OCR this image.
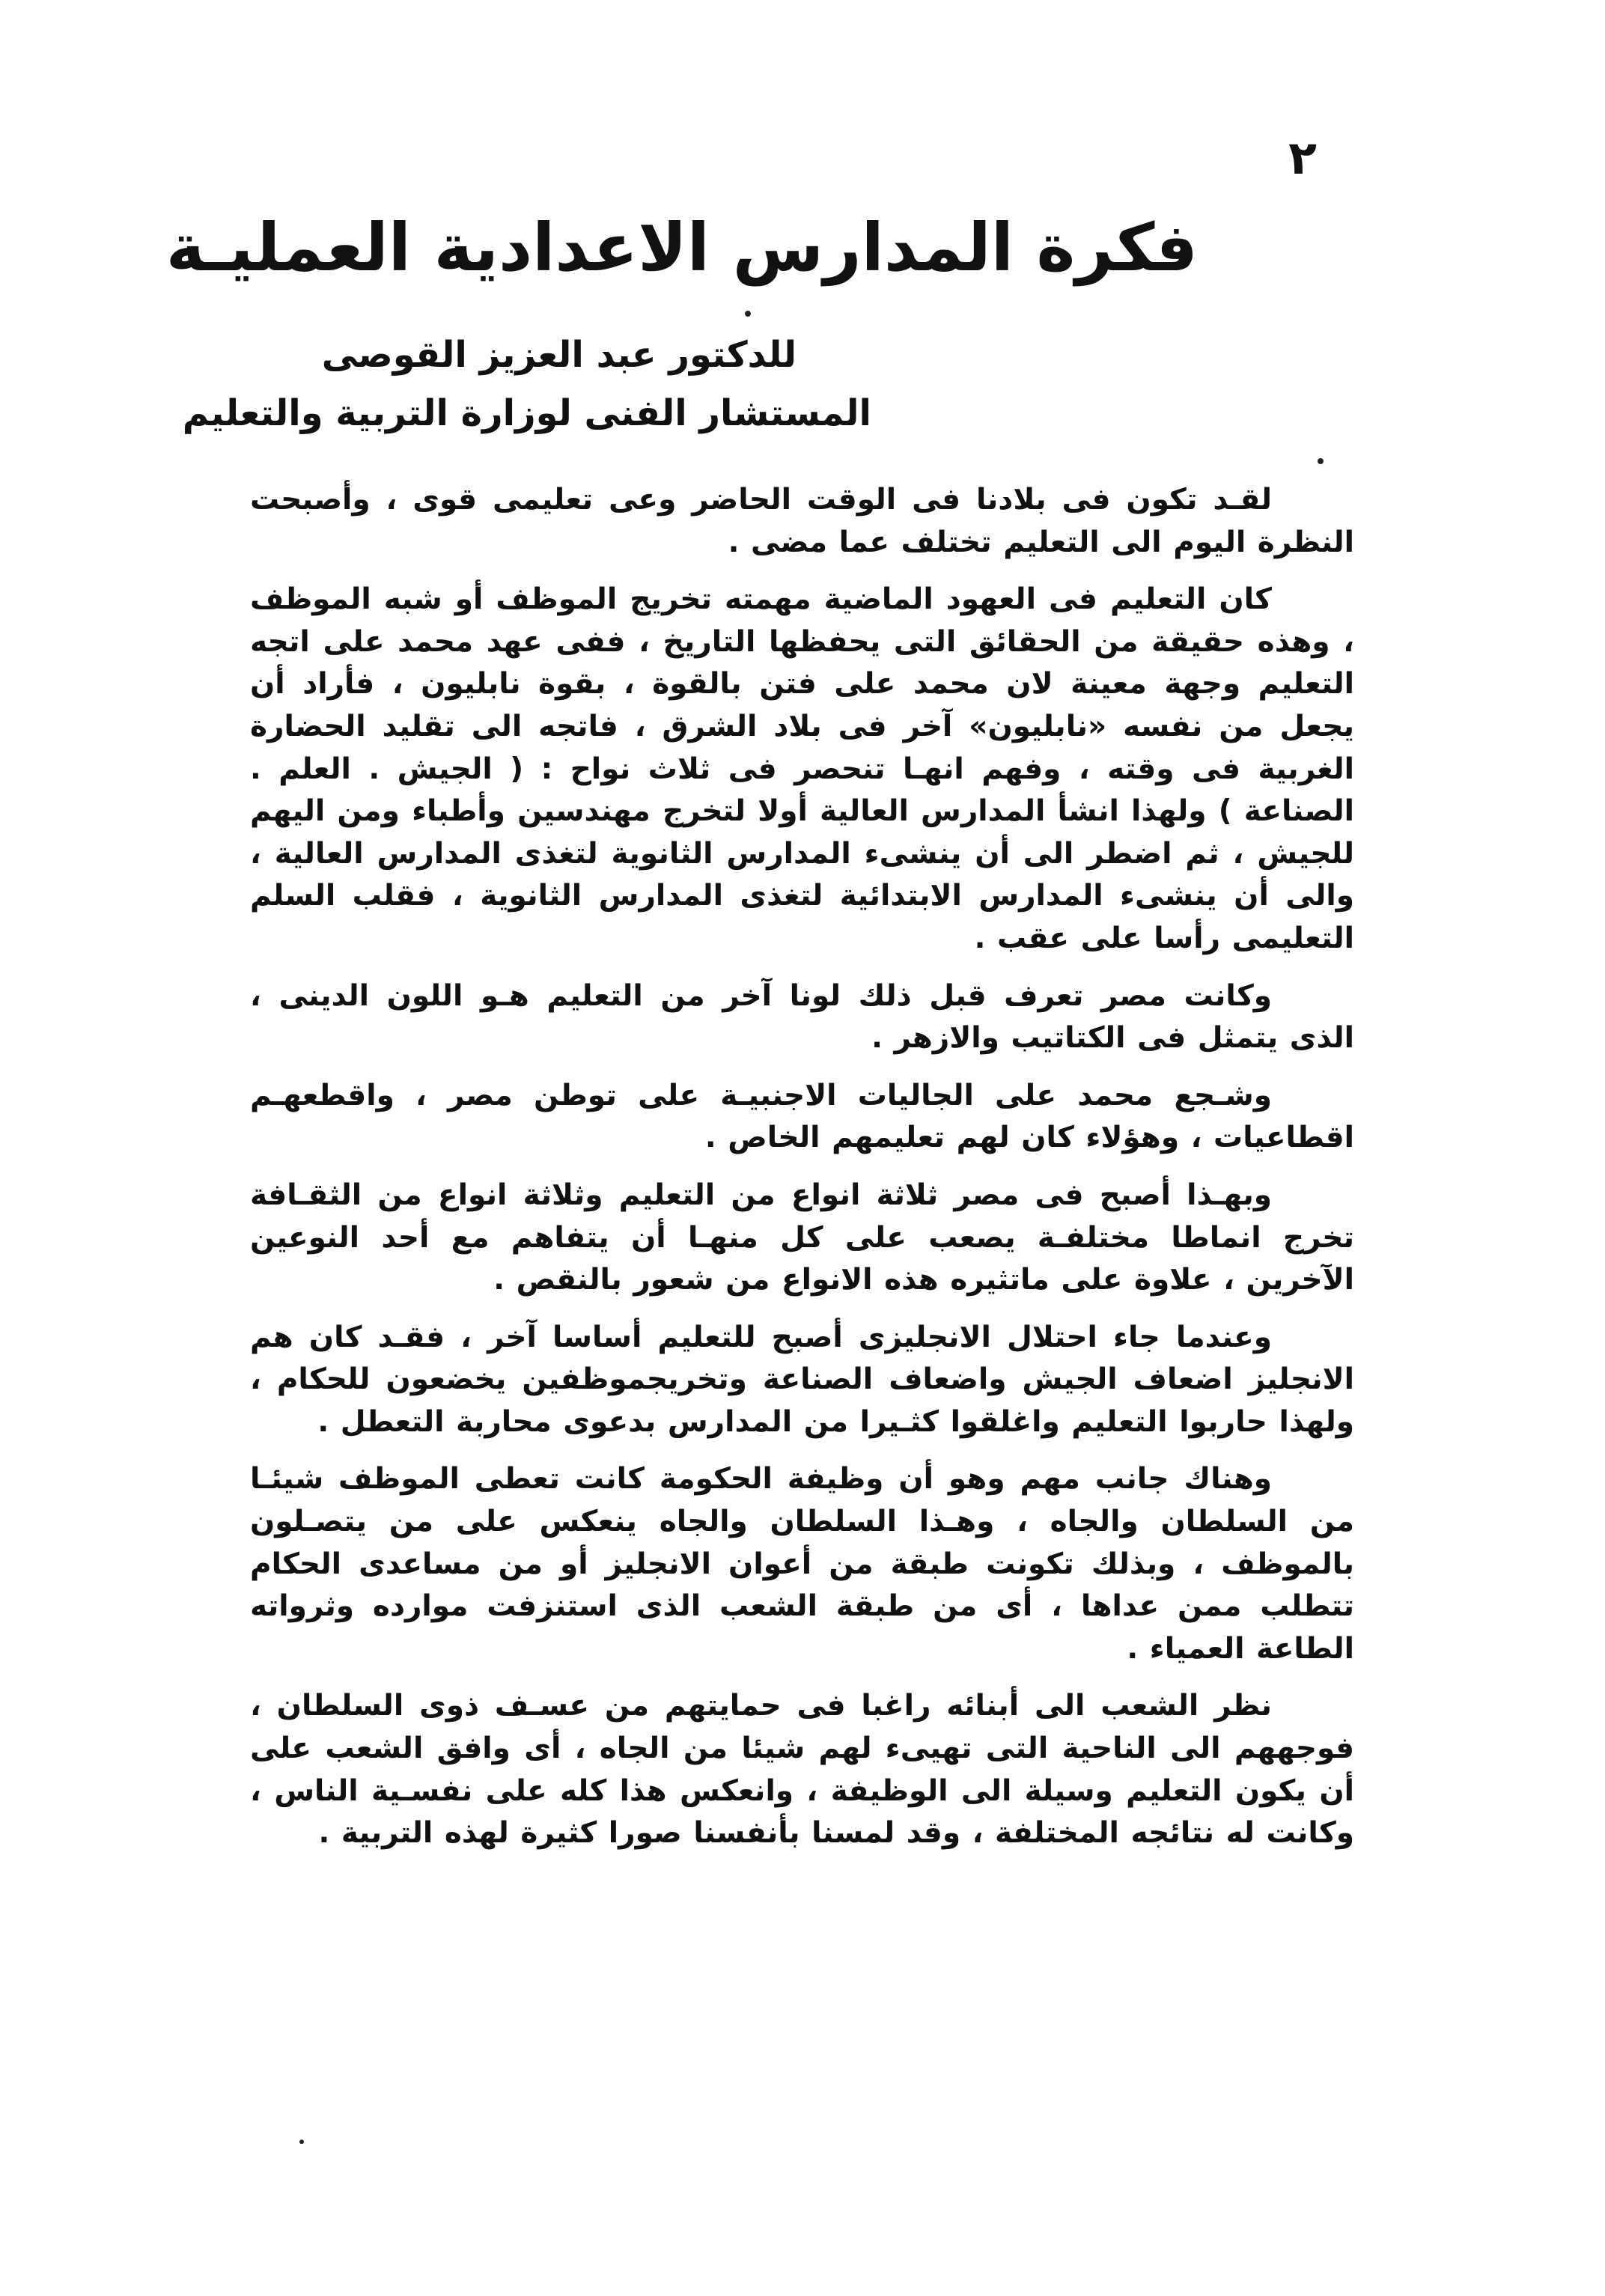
٢
فكرة المدارس الاعدادية العمليـة
للدكتور عبد العزيز القوصى
المستشار الفنى لوزارة التربية والتعليم

لقـد تكون فى بلادنا فى الوقت الحاضر وعى تعليمى قوى ، وأصبحت النظرة اليوم الى التعليم تختلف عما مضى .

كان التعليم فى العهود الماضية مهمته تخريج الموظف أو شبه الموظف ، وهذه حقيقة من الحقائق التى يحفظها التاريخ ، ففى عهد محمد على اتجه التعليم وجهة معينة لان محمد على فتن بالقوة ، بقوة نابليون ، فأراد أن يجعل من نفسه «نابليون» آخر فى بلاد الشرق ، فاتجه الى تقليد الحضارة الغربية فى وقته ، وفهم انهـا تنحصر فى ثلاث نواح : ( الجيش . العلم . الصناعة ) ولهذا انشأ المدارس العالية أولا لتخرج مهندسين وأطباء ومن اليهم للجيش ، ثم اضطر الى أن ينشىء المدارس الثانوية لتغذى المدارس العالية ، والى أن ينشىء المدارس الابتدائية لتغذى المدارس الثانوية ، فقلب السلم التعليمى رأسا على عقب .

وكانت مصر تعرف قبل ذلك لونا آخر من التعليم هـو اللون الدينى ، الذى يتمثل فى الكتاتيب والازهر .

وشـجع محمد على الجاليات الاجنبيـة على توطن مصر ، واقطعهـم اقطاعيات ، وهؤلاء كان لهم تعليمهم الخاص .

وبهـذا أصبح فى مصر ثلاثة انواع من التعليم وثلاثة انواع من الثقـافة تخرج انماطا مختلفـة يصعب على كل منهـا أن يتفاهم مع أحد النوعين الآخرين ، علاوة على ماتثيره هذه الانواع من شعور بالنقص .

وعندما جاء احتلال الانجليزى أصبح للتعليم أساسا آخر ، فقـد كان هم الانجليز اضعاف الجيش واضعاف الصناعة وتخريجموظفين يخضعون للحكام ، ولهذا حاربوا التعليم واغلقوا كثـيرا من المدارس بدعوى محاربة التعطل .

وهناك جانب مهم وهو أن وظيفة الحكومة كانت تعطى الموظف شيئـا من السلطان والجاه ، وهـذا السلطان والجاه ينعكس على من يتصـلون بالموظف ، وبذلك تكونت طبقة من أعوان الانجليز أو من مساعدى الحكام تتطلب ممن عداها ، أى من طبقة الشعب الذى استنزفت موارده وثرواته الطاعة العمياء .

نظر الشعب الى أبنائه راغبا فى حمايتهم من عسـف ذوى السلطان ، فوجههم الى الناحية التى تهيىء لهم شيئا من الجاه ، أى وافق الشعب على أن يكون التعليم وسيلة الى الوظيفة ، وانعكس هذا كله على نفسـية الناس ، وكانت له نتائجه المختلفة ، وقد لمسنا بأنفسنا صورا كثيرة لهذه التربية .
